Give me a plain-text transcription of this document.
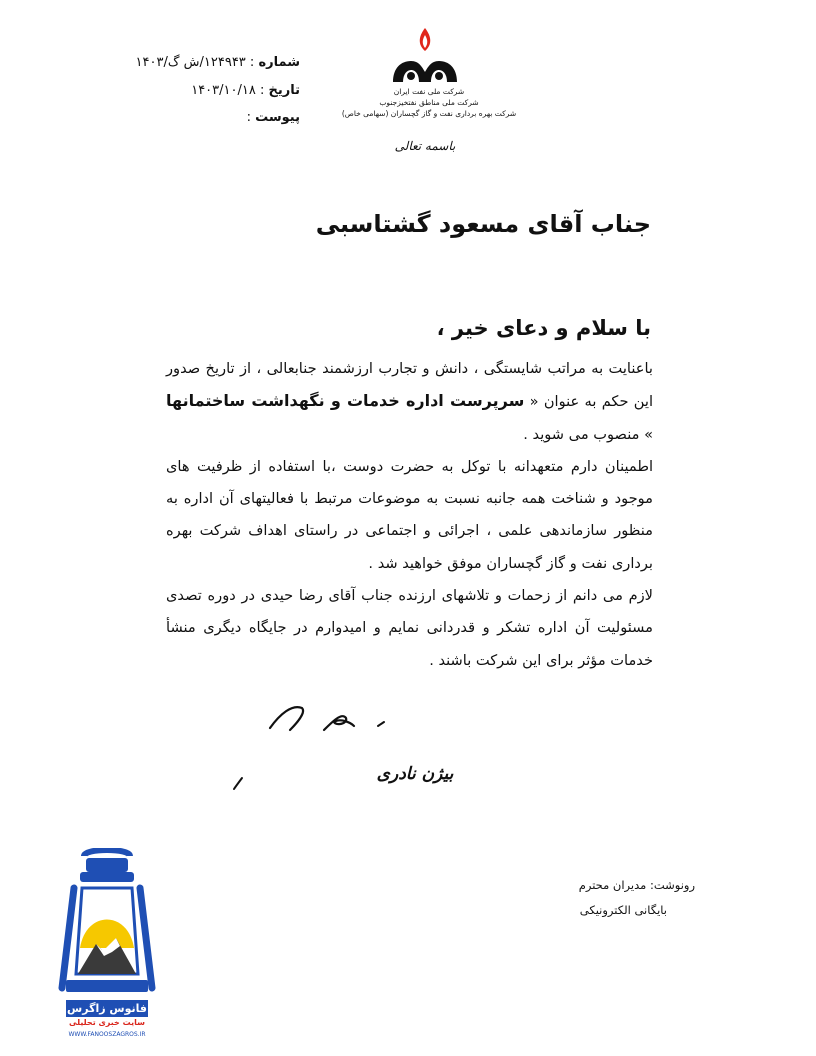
شماره : ۱۲۴۹۴۳/ش گ/۱۴۰۳
تاریخ : ۱۴۰۳/۱۰/۱۸
پیوست :
شرکت ملی نفت ایران
شرکت ملی مناطق نفتخیزجنوب
شرکت بهره برداری نفت و گاز گچساران (سهامی خاص)
باسمه تعالی
جناب آقای مسعود گشتاسبی
با سلام و دعای خیر ،

باعنایت به مراتب شایستگی ، دانش و تجارب ارزشمند جنابعالی ، از تاریخ صدور این حکم به عنوان « سرپرست اداره خدمات و نگهداشت ساختمانها » منصوب می شوید .

اطمینان دارم متعهدانه با توکل به حضرت دوست ،با استفاده از ظرفیت های موجود و شناخت همه جانبه نسبت به موضوعات مرتبط با فعالیتهای آن اداره به منظور سازماندهی علمی ، اجرائی و اجتماعی در راستای اهداف شرکت بهره برداری نفت و گاز گچساران موفق خواهید شد .

لازم می دانم از زحمات و تلاشهای ارزنده جناب آقای رضا حیدی در دوره تصدی مسئولیت آن اداره تشکر و قدردانی نمایم و امیدوارم در جایگاه دیگری منشأ خدمات مؤثر برای این شرکت باشند .

بیژن نادری
رونوشت: مدیران محترم
بایگانی الکترونیکی
فانوس زاگرس
سایت خبری تحلیلی
WWW.FANOOSZAGROS.IR
